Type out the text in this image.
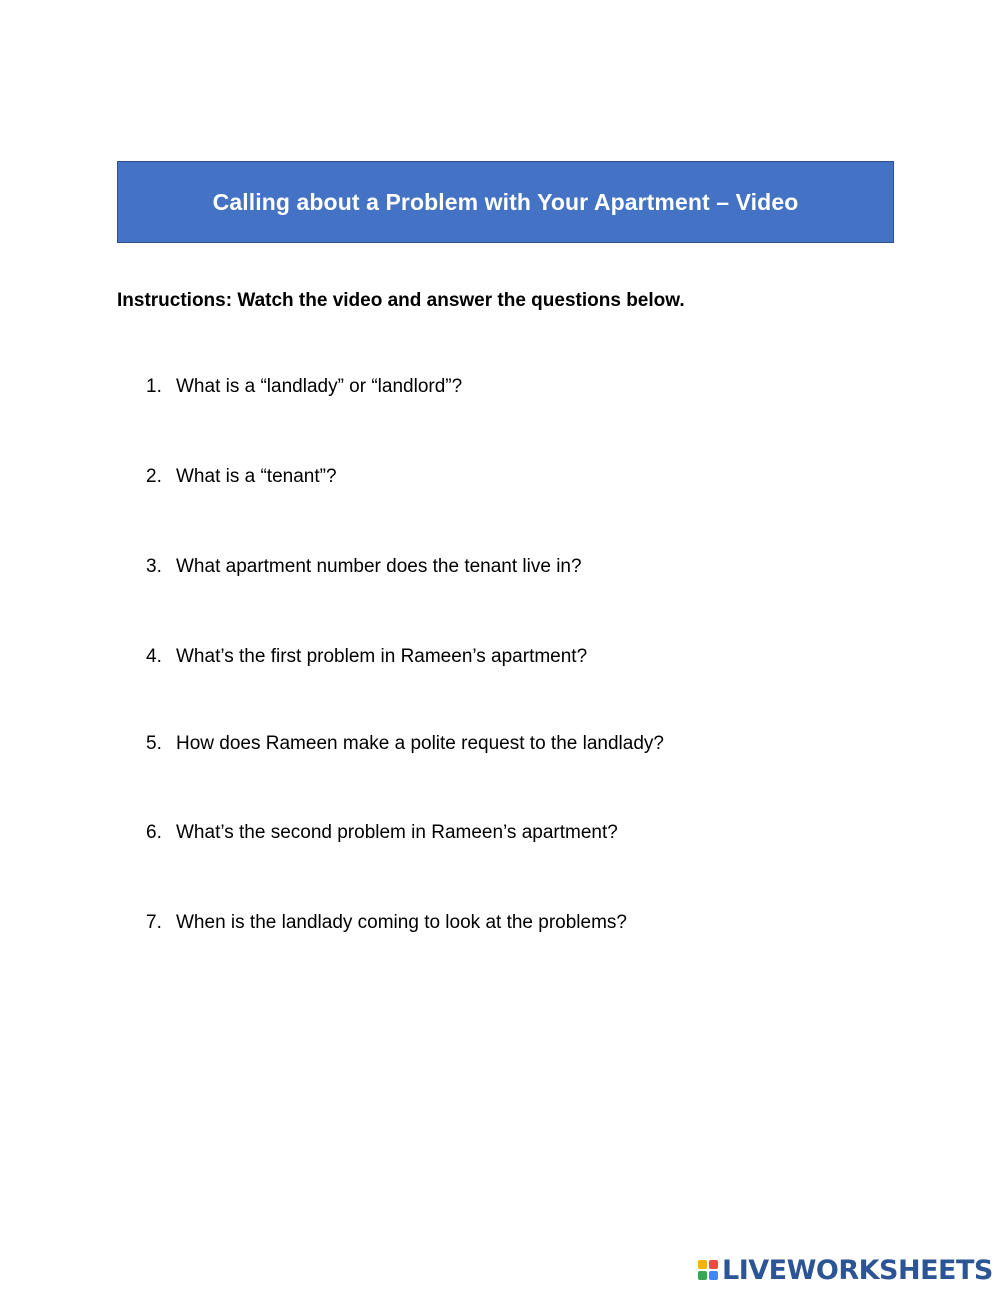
Calling about a Problem with Your Apartment – Video
Instructions: Watch the video and answer the questions below.
1. What is a “landlady” or “landlord”?
2. What is a “tenant”?
3. What apartment number does the tenant live in?
4. What’s the first problem in Rameen’s apartment?
5. How does Rameen make a polite request to the landlady?
6. What’s the second problem in Rameen’s apartment?
7. When is the landlady coming to look at the problems?
LIVEWORKSHEETS
